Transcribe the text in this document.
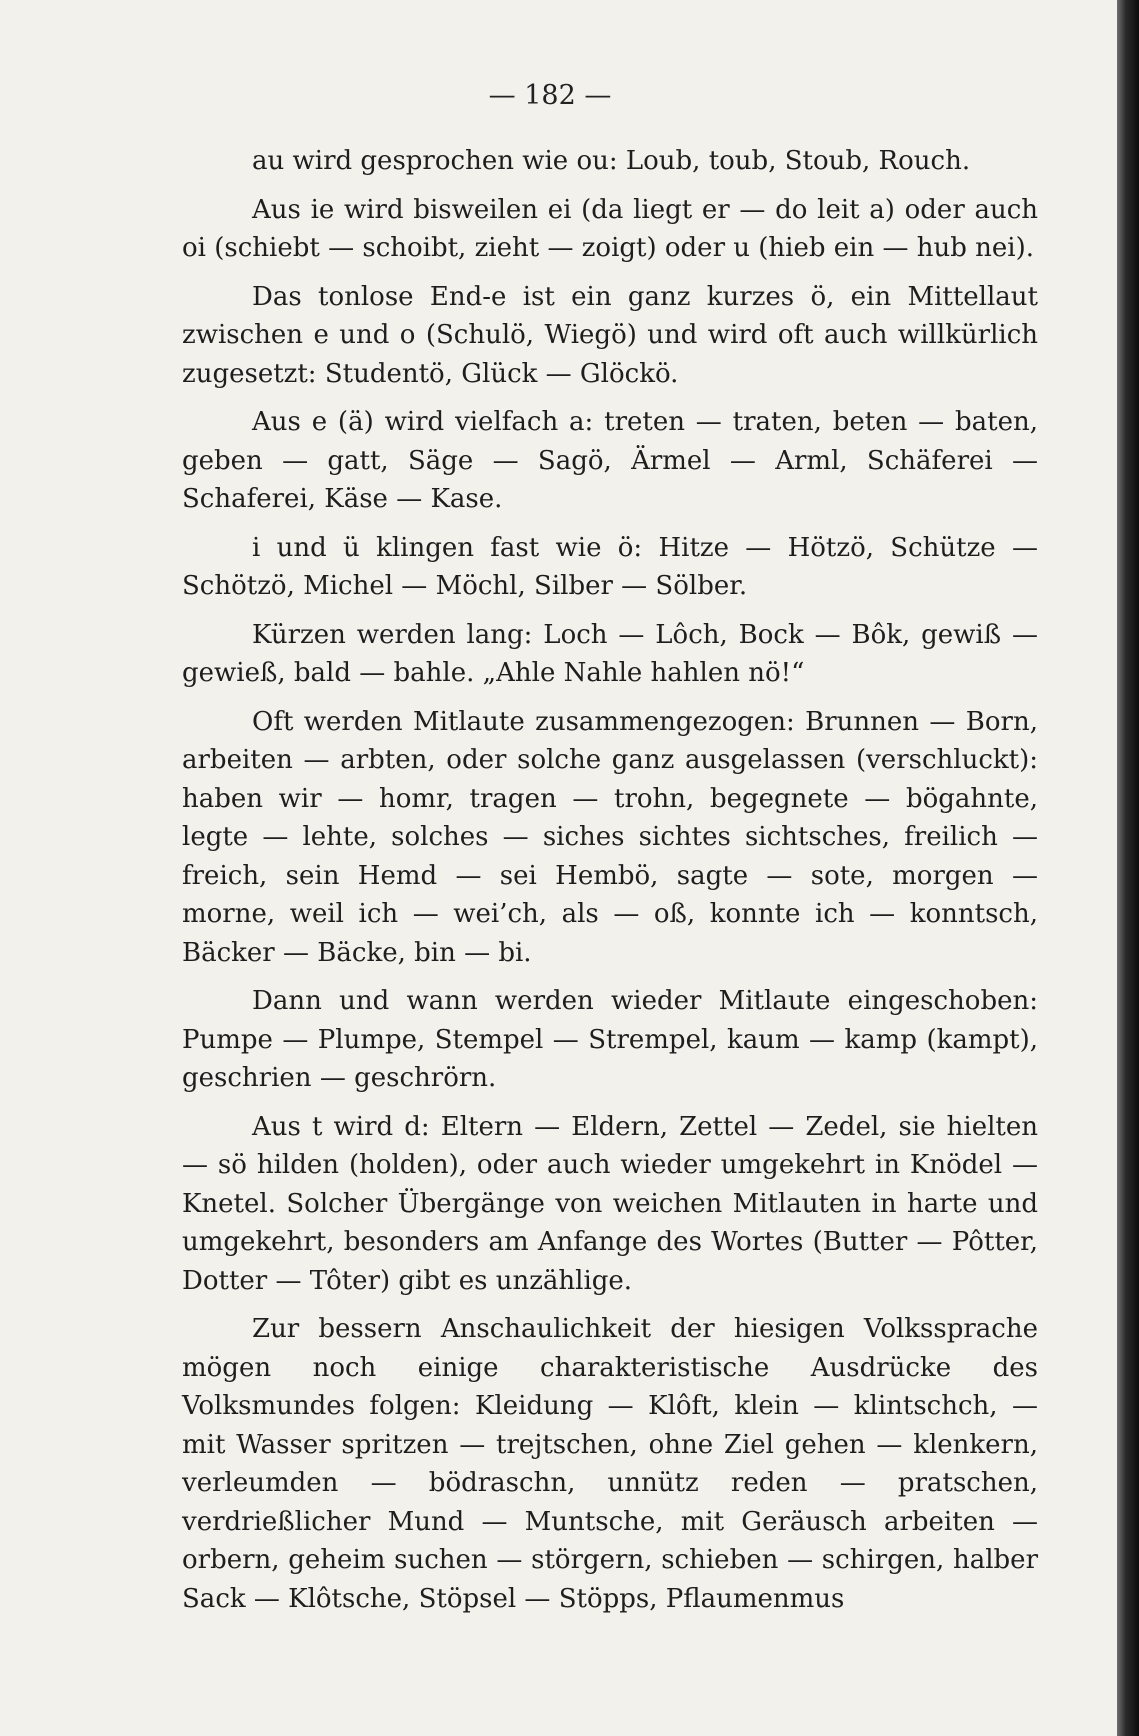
— 182 —

au wird gesprochen wie ou: Loub, toub, Stoub, Rouch.

Aus ie wird bisweilen ei (da liegt er — do leit a) oder auch oi (schiebt — schoibt, zieht — zoigt) oder u (hieb ein — hub nei).

Das tonlose End-e ist ein ganz kurzes ö, ein Mittellaut zwischen e und o (Schulö, Wiegö) und wird oft auch willkürlich zugesetzt: Studentö, Glück — Glöckö.

Aus e (ä) wird vielfach a: treten — traten, beten — baten, geben — gatt, Säge — Sagö, Ärmel — Arml, Schäferei — Schaferei, Käse — Kase.

i und ü klingen fast wie ö: Hitze — Hötzö, Schütze — Schötzö, Michel — Möchl, Silber — Sölber.

Kürzen werden lang: Loch — Lôch, Bock — Bôk, gewiß — gewieß, bald — bahle. „Ahle Nahle hahlen nö!“

Oft werden Mitlaute zusammengezogen: Brunnen — Born, arbeiten — arbten, oder solche ganz ausgelassen (verschluckt): haben wir — homr, tragen — trohn, begegnete — bögahnte, legte — lehte, solches — siches sichtes sichtsches, freilich — freich, sein Hemd — sei Hembö, sagte — sote, morgen — morne, weil ich — wei’ch, als — oß, konnte ich — konntsch, Bäcker — Bäcke, bin — bi.

Dann und wann werden wieder Mitlaute eingeschoben: Pumpe — Plumpe, Stempel — Strempel, kaum — kamp (kampt), geschrien — geschrörn.

Aus t wird d: Eltern — Eldern, Zettel — Zedel, sie hielten — sö hilden (holden), oder auch wieder umgekehrt in Knödel — Knetel. Solcher Übergänge von weichen Mitlauten in harte und umgekehrt, besonders am Anfange des Wortes (Butter — Pôtter, Dotter — Tôter) gibt es unzählige.

Zur bessern Anschaulichkeit der hiesigen Volkssprache mögen noch einige charakteristische Ausdrücke des Volksmundes folgen: Kleidung — Klôft, klein — klintschch, — mit Wasser spritzen — trejtschen, ohne Ziel gehen — klenkern, verleumden — bödraschn, unnütz reden — pratschen, verdrießlicher Mund — Muntsche, mit Geräusch arbeiten — orbern, geheim suchen — störgern, schieben — schirgen, halber Sack — Klôtsche, Stöpsel — Stöpps, Pflaumenmus
